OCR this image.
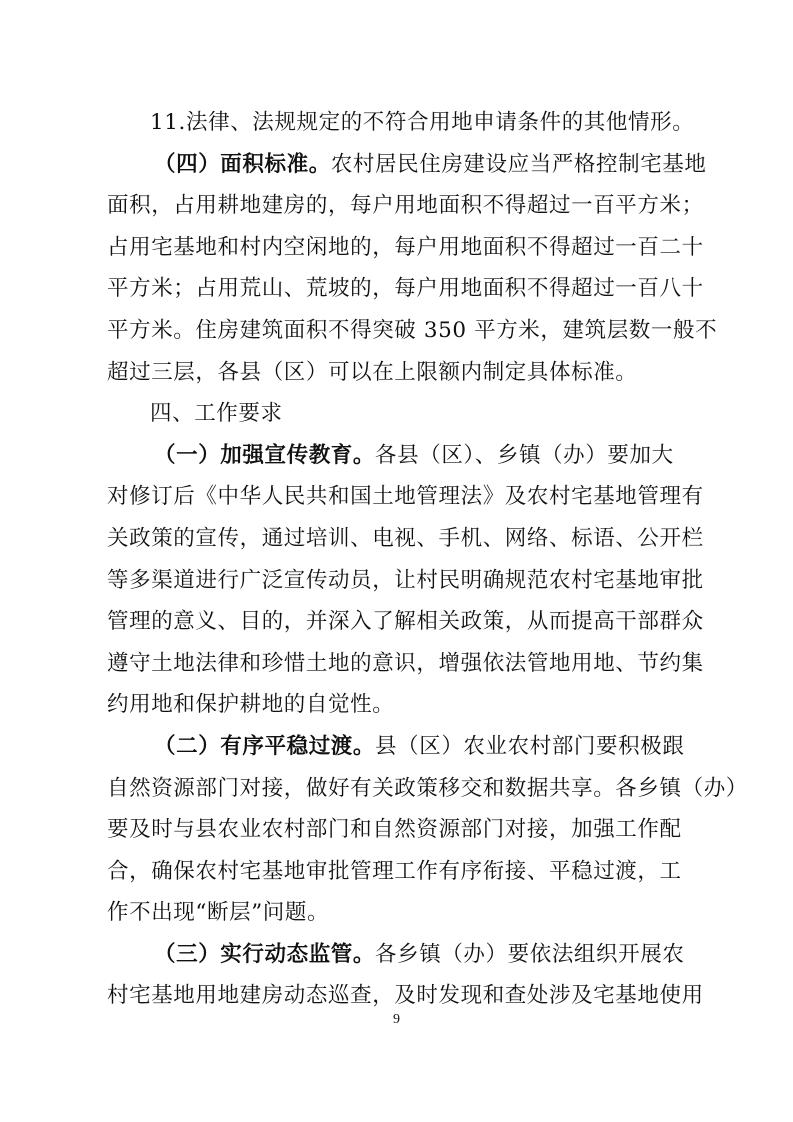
11.法律、法规规定的不符合用地申请条件的其他情形。
（四）面积标准。农村居民住房建设应当严格控制宅基地
面积，占用耕地建房的，每户用地面积不得超过一百平方米；
占用宅基地和村内空闲地的，每户用地面积不得超过一百二十
平方米；占用荒山、荒坡的，每户用地面积不得超过一百八十
平方米。住房建筑面积不得突破 350 平方米，建筑层数一般不
超过三层，各县（区）可以在上限额内制定具体标准。
四、工作要求
（一）加强宣传教育。各县（区）、乡镇（办）要加大
对修订后《中华人民共和国土地管理法》及农村宅基地管理有
关政策的宣传，通过培训、电视、手机、网络、标语、公开栏
等多渠道进行广泛宣传动员，让村民明确规范农村宅基地审批
管理的意义、目的，并深入了解相关政策，从而提高干部群众
遵守土地法律和珍惜土地的意识，增强依法管地用地、节约集
约用地和保护耕地的自觉性。
（二）有序平稳过渡。县（区）农业农村部门要积极跟
自然资源部门对接，做好有关政策移交和数据共享。各乡镇（办）
要及时与县农业农村部门和自然资源部门对接，加强工作配
合，确保农村宅基地审批管理工作有序衔接、平稳过渡，工
作不出现“断层”问题。
（三）实行动态监管。各乡镇（办）要依法组织开展农
村宅基地用地建房动态巡查，及时发现和查处涉及宅基地使用
9
